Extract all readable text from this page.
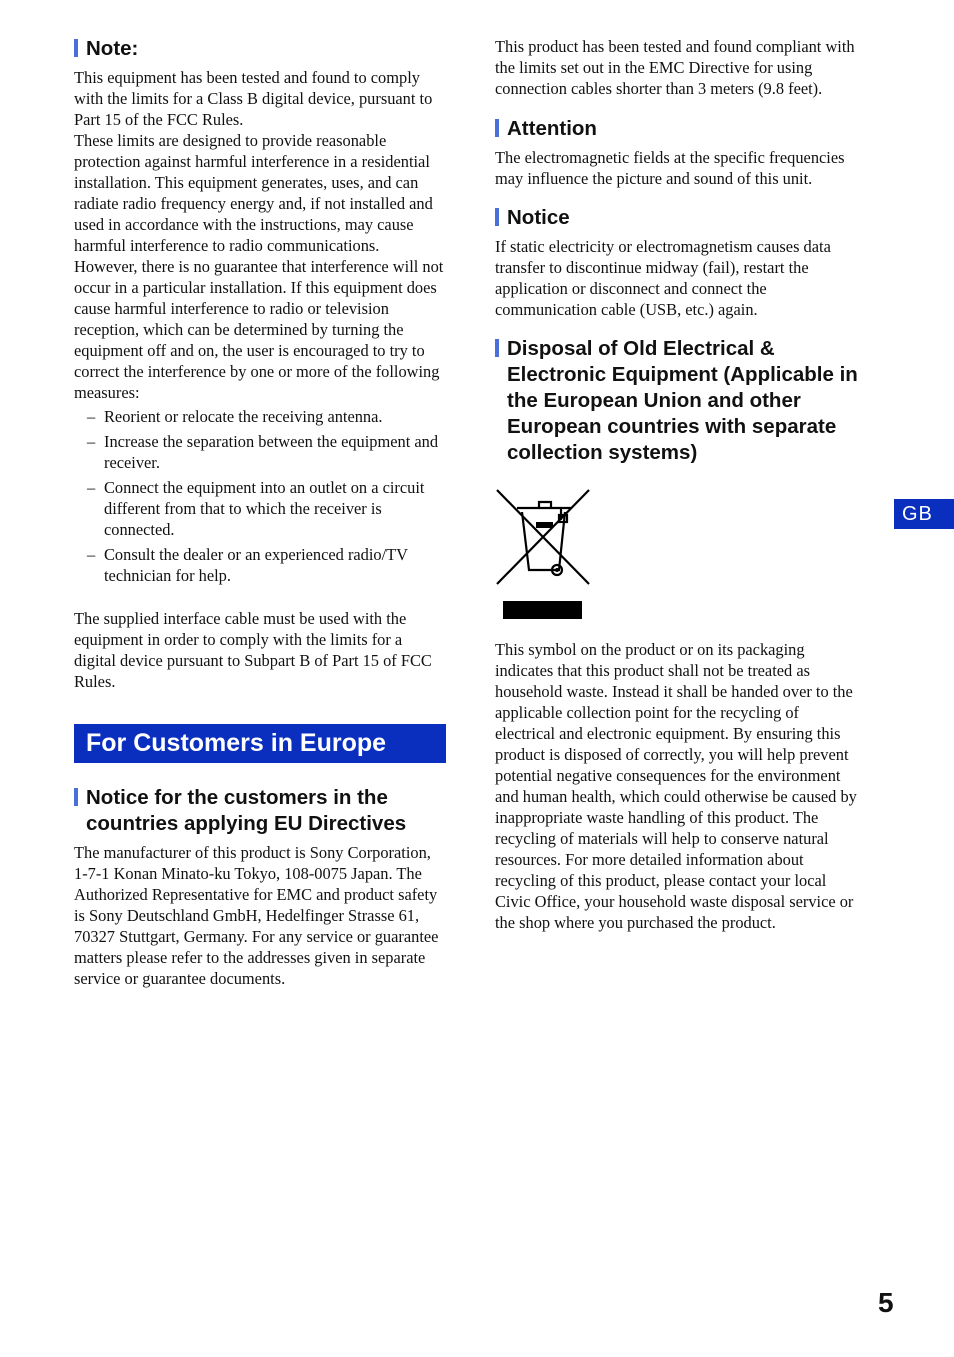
Note:

This equipment has been tested and found to comply with the limits for a Class B digital device, pursuant to Part 15 of the FCC Rules.

These limits are designed to provide reasonable protection against harmful interference in a residential installation. This equipment generates, uses, and can radiate radio frequency energy and, if not installed and used in accordance with the instructions, may cause harmful interference to radio communications. However, there is no guarantee that interference will not occur in a particular installation. If this equipment does cause harmful interference to radio or television reception, which can be determined by turning the equipment off and on, the user is encouraged to try to correct the interference by one or more of the following measures:

– Reorient or relocate the receiving antenna.
– Increase the separation between the equipment and receiver.
– Connect the equipment into an outlet on a circuit different from that to which the receiver is connected.
– Consult the dealer or an experienced radio/TV technician for help.

The supplied interface cable must be used with the equipment in order to comply with the limits for a digital device pursuant to Subpart B of Part 15 of FCC Rules.

For Customers in Europe
Notice for the customers in the countries applying EU Directives

The manufacturer of this product is Sony Corporation, 1-7-1 Konan Minato-ku Tokyo, 108-0075 Japan. The Authorized Representative for EMC and product safety is Sony Deutschland GmbH, Hedelfinger Strasse 61, 70327 Stuttgart, Germany. For any service or guarantee matters please refer to the addresses given in separate service or guarantee documents.

This product has been tested and found compliant with the limits set out in the EMC Directive for using connection cables shorter than 3 meters (9.8 feet).

Attention

The electromagnetic fields at the specific frequencies may influence the picture and sound of this unit.

Notice

If static electricity or electromagnetism causes data transfer to discontinue midway (fail), restart the application or disconnect and connect the communication cable (USB, etc.) again.

Disposal of Old Electrical & Electronic Equipment (Applicable in the European Union and other European countries with separate collection systems)

This symbol on the product or on its packaging indicates that this product shall not be treated as household waste. Instead it shall be handed over to the applicable collection point for the recycling of electrical and electronic equipment. By ensuring this product is disposed of correctly, you will help prevent potential negative consequences for the environment and human health, which could otherwise be caused by inappropriate waste handling of this product. The recycling of materials will help to conserve natural resources. For more detailed information about recycling of this product, please contact your local Civic Office, your household waste disposal service or the shop where you purchased the product.

GB
5
